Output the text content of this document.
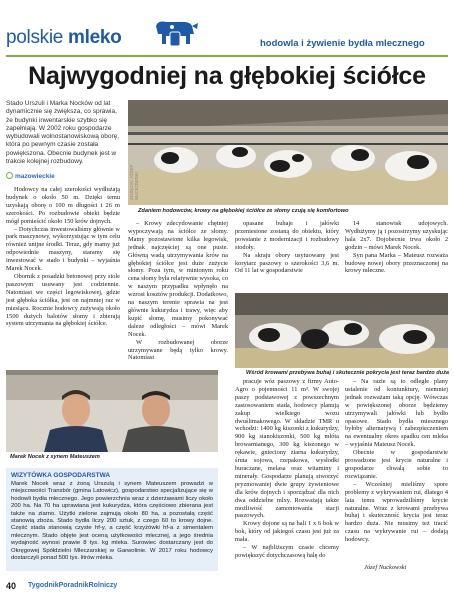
polskie mleko	hodowla i żywienie bydła mlecznego
Najwygodniej na głębokiej ściółce
Stado Urszuli i Marka Nocków od lat dynamicznie się zwiększa, co sprawia, że budynki inwentarskie szybko się zapełniają. W 2002 roku gospodarze wybudowali wolnostanowiskową oborę, która po pewnym czasie została powiększona. Obecnie budynek jest w trakcie kolejnej rozbudowy.
mazowieckie	ZDJĘCIA: JÓZEF NUCKOWSKI
Zdaniem hodowców, krowy na głębokiej ściółce ze słomy czują się komfortowo

Hodowcy na całej szerokości wydłużają budynek o około 50 m. Dzięki temu uzyskają oborę o 100 m długości i 26 m szerokości. Po rozbudowie obiekt będzie mógł pomieścić około 150 krów dojnych.

– Dotychczas inwestowaliśmy głównie w park maszynowy, wykorzystując w tym celu również unijne środki. Teraz, gdy mamy już odpowiednie maszyny, staramy się inwestować w stado i budynki – wyjaśnia Marek Nocek.

Obornik z posadzki betonowej przy stole paszowym usuwany jest codziennie. Natomiast we części legowiskowej, gdzie jest głęboka ściółka, jest on najmniej raz w miesiącu. Rocznie hodowcy zużywają około 1500 dużych balotów słomy i zbierają system utrzymania na głębokiej ściółce.

– Krowy zdecydowanie chętniej wypoczywają na ściółce ze słomy. Mamy pozostawione kilka legowisk, jednak najczęściej są one puste. Główną wadą utrzymywania krów na głębokiej ściółce jest duże zużycie słomy. Poza tym, w minionym roku cena słomy była relatywnie wysoka, co w naszym przypadku wpłynęło na wzrost kosztów produkcji. Dodatkowo, na naszym terenie sprawia na jest głównie kukurydza i trawy, więc aby kupić słomę, musimy pokonywać daleze odległości – mówi Marek Nocek.

W rozbudowanej oborze utrzymywane będą tylko krowy. Natomiast

opasane buhaje i jałówki przeniesione zostaną do obiektu, który powstanie z modernizacji i rozbudowy stodoły.

Na skraju obory usytuowany jest korytarz paszowy o szerokości 3,6 m. Od 11 lat w gospodarstwie

14 stanowisk udojowych. Wydłużymy ją i pozostrzymy uzyskując hala 2x7. Dojobecnie trwa około 2 godzin – mówi Marek Nocek.

Syn pana Marka – Mateusz rozważa budowę nowej obory przeznaczonej na krowy mleczne.

Wśród krowami przebywa buhaj i skutecznie pokrycia jest teraz bardzo duża
Marek Nocek z synem Mateuszem

pracuje wóz paszowy z firmy Auto-Agro o pojemności 11 m³. W swojej paszy podstawowej z powszechnym zastosowaniem stada, hodowcy planują zakup wielkiego wozu dwuślimakowego. W składzie TMR u wchodzi: 1400 kg kiszonki z kukurydzy, 900 kg sianokiszonki, 500 kg młóta browarnianego, 300 kg kiszonego w rękawie, gnieciony ziarna kukurydzy, śruta sojowa, rzepakowa, wysłodki buraczane, melasa oraz witaminy i minerały. Gospodarze planują stworzyć pryzmowaniej dwie grupy żywieniowe dla krów dojnych i sporządzać dla nich dwa oddzielne mlxy. Rozważają także możliwość zamontowania stacji paszowych.

Krowy dojone są na hali 1 x 6 bok w bok, który od jakiegoś czasu jest już za mała.

– W najbliższym czasie chcemy powiększyć dotychczasową halę do

– Na razie są to odległe plany ustalenie od koniunktury, niemniej jednak rozważam taką opcję. Wówczas w powiększonej oborze będziemy utrzymywali jałówki lub bydło opasowe. Stado bydła miesznego byłoby alternatywą i zabezpieczeniem na ewentualny okres spadku cen mleka – wyjaśnia Mateusz Nocek.

Obecnie w gospodarstwie prowadzone jest krycie naturalne i gospodarze chwalą sobie to rozwiązanie.

– Wcześniej mieliśmy spore problemy z wykrywaniem rui, dlatego 4 lata temu wprowadziliśmy krycie naturalne. Wraz z krowami przebywa buhaj i skuteczność krycia jest teraz bardzo duża. Nie musimy też tracić czasu na wykrywanie rui – dodają hodowcy.

WIZYTÓWKA GOSPODARSTWA
Marek Nocek wraz z żoną Urszulą i synem Mateuszem prowadzi w miejscowości Transbór (gmina Latowicz), gospodarstwo specjalizujące się w hodowli bydła mlecznego. Jego powierzchnia wraz z dzierżawami liczy około 200 ha. Na 70 ha uprawiana jest kukurydza, która częściowo zbierana jest także na ziarno. Użytki zielone zajmują około 80 ha, a pozostałą część stanowią zboża. Stado bydła liczy 200 sztuk, z czego 60 to krowy dojne. Część stada stanowią czyste hf-y, a część krzyżówki hf-a z simentalem mlecznym. Stado objęte jest oceną użytkowości mlecznej, a jego średnia wydajność wynosi prawie 8 tys. kg mleka. Surowiec dostarczany jest do Okręgowej Spółdzielni Mleczarskiej w Garwolinie. W 2017 roku hodowcy dostarczyli ponad 500 tys. litrów mleka.
Józef Nuckowski
40 TygodnikPoradnikRolniczy
